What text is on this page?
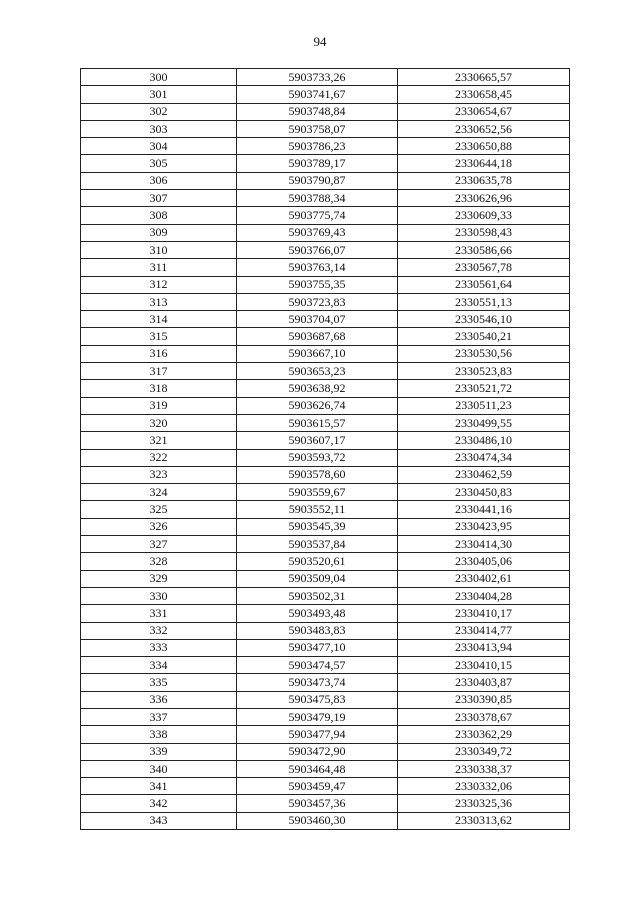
94
300	5903733,26	2330665,57
301	5903741,67	2330658,45
302	5903748,84	2330654,67
303	5903758,07	2330652,56
304	5903786,23	2330650,88
305	5903789,17	2330644,18
306	5903790,87	2330635,78
307	5903788,34	2330626,96
308	5903775,74	2330609,33
309	5903769,43	2330598,43
310	5903766,07	2330586,66
311	5903763,14	2330567,78
312	5903755,35	2330561,64
313	5903723,83	2330551,13
314	5903704,07	2330546,10
315	5903687,68	2330540,21
316	5903667,10	2330530,56
317	5903653,23	2330523,83
318	5903638,92	2330521,72
319	5903626,74	2330511,23
320	5903615,57	2330499,55
321	5903607,17	2330486,10
322	5903593,72	2330474,34
323	5903578,60	2330462,59
324	5903559,67	2330450,83
325	5903552,11	2330441,16
326	5903545,39	2330423,95
327	5903537,84	2330414,30
328	5903520,61	2330405,06
329	5903509,04	2330402,61
330	5903502,31	2330404,28
331	5903493,48	2330410,17
332	5903483,83	2330414,77
333	5903477,10	2330413,94
334	5903474,57	2330410,15
335	5903473,74	2330403,87
336	5903475,83	2330390,85
337	5903479,19	2330378,67
338	5903477,94	2330362,29
339	5903472,90	2330349,72
340	5903464,48	2330338,37
341	5903459,47	2330332,06
342	5903457,36	2330325,36
343	5903460,30	2330313,62
